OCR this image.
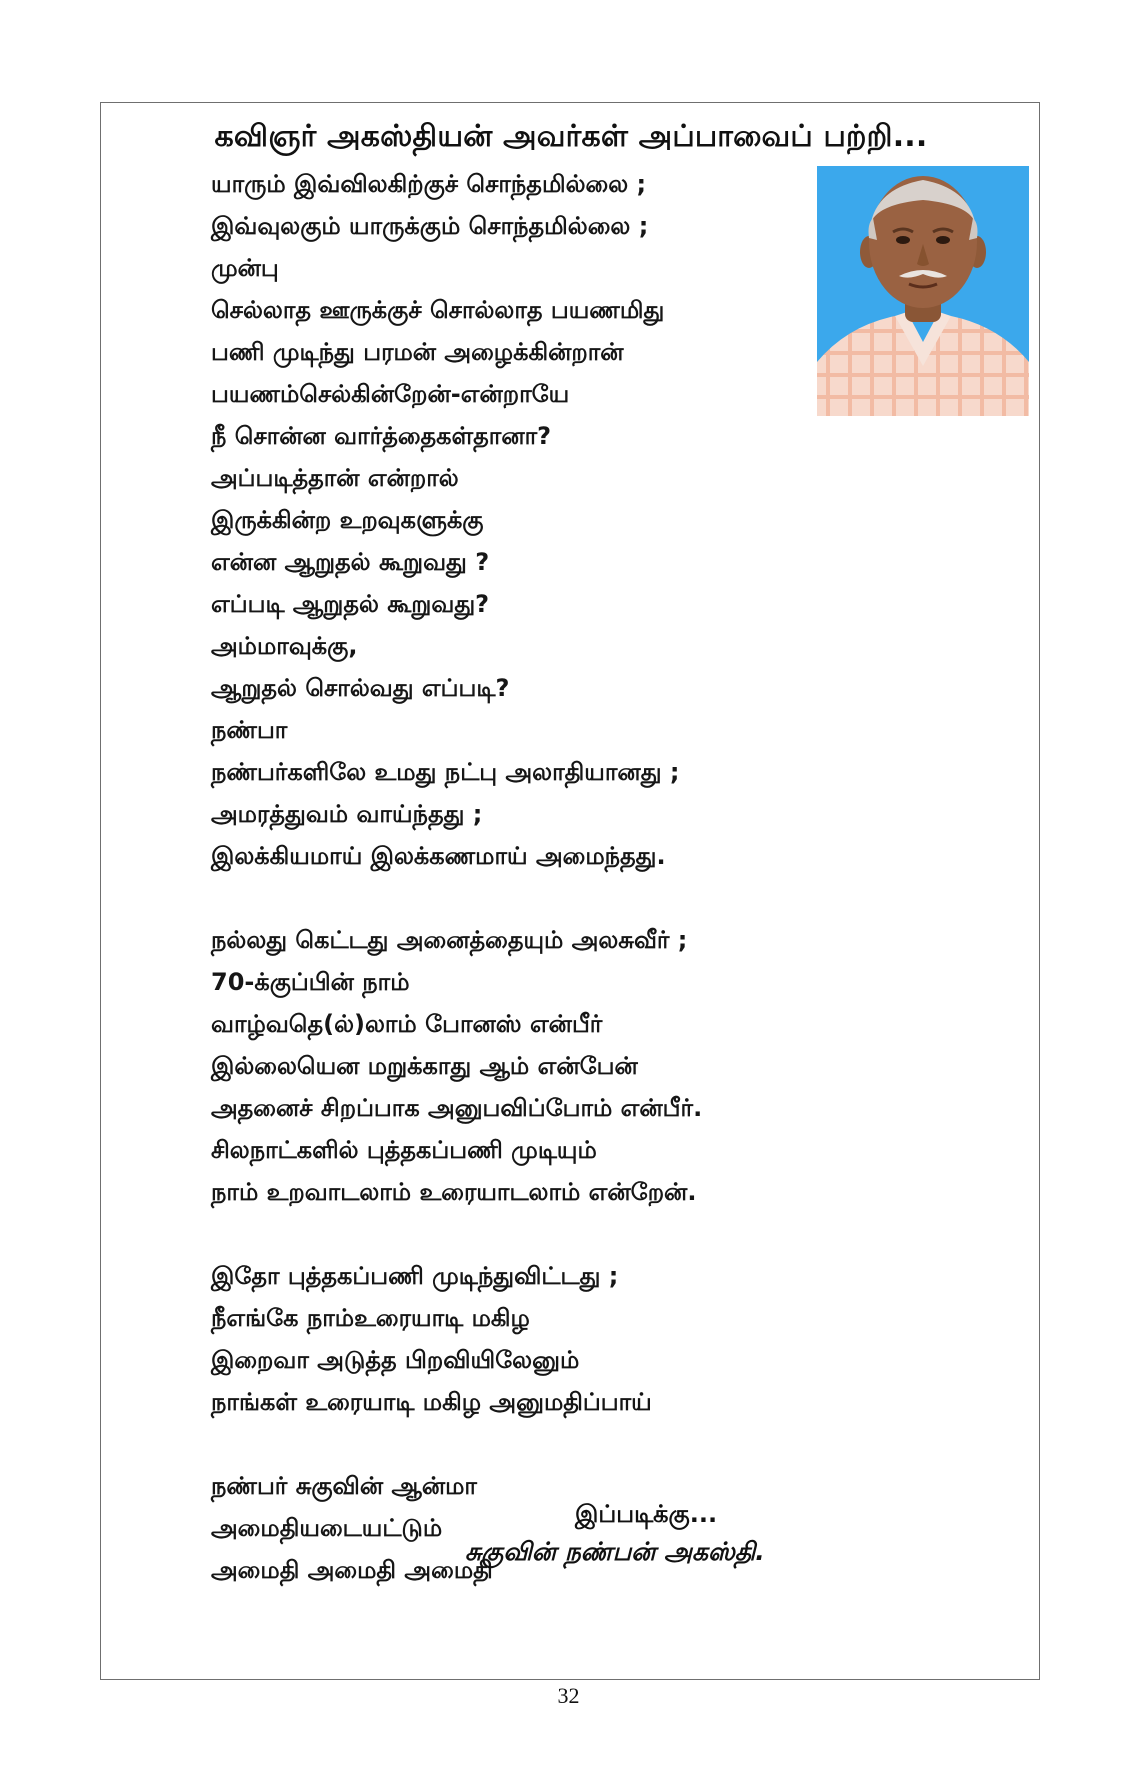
கவிஞர் அகஸ்தியன் அவர்கள் அப்பாவைப் பற்றி...
யாரும் இவ்விலகிற்குச் சொந்தமில்லை ;
இவ்வுலகும் யாருக்கும் சொந்தமில்லை ;
முன்பு
செல்லாத ஊருக்குச் சொல்லாத பயணமிது
பணி முடிந்து பரமன் அழைக்கின்றான்
பயணம்செல்கின்றேன்-என்றாயே
நீ சொன்ன வார்த்தைகள்தானா?
அப்படித்தான் என்றால்
இருக்கின்ற உறவுகளுக்கு
என்ன ஆறுதல் கூறுவது ?
எப்படி ஆறுதல் கூறுவது?
அம்மாவுக்கு,
ஆறுதல் சொல்வது எப்படி?
நண்பா
நண்பர்களிலே உமது நட்பு அலாதியானது ;
அமரத்துவம் வாய்ந்தது ;
இலக்கியமாய் இலக்கணமாய் அமைந்தது.
நல்லது கெட்டது அனைத்தையும் அலசுவீர் ;
70-க்குப்பின் நாம்
வாழ்வதெ(ல்)லாம் போனஸ் என்பீர்
இல்லையென மறுக்காது ஆம் என்பேன்
அதனைச் சிறப்பாக அனுபவிப்போம் என்பீர்.
சிலநாட்களில் புத்தகப்பணி முடியும்
நாம் உறவாடலாம் உரையாடலாம் என்றேன்.
இதோ புத்தகப்பணி முடிந்துவிட்டது ;
நீஎங்கே நாம்உரையாடி மகிழ
இறைவா அடுத்த பிறவியிலேனும்
நாங்கள் உரையாடி மகிழ அனுமதிப்பாய்
நண்பர் சுகுவின் ஆன்மா
அமைதியடையட்டும்
அமைதி அமைதி அமைதி
இப்படிக்கு...
சுகுவின் நண்பன் அகஸ்தி.
32
